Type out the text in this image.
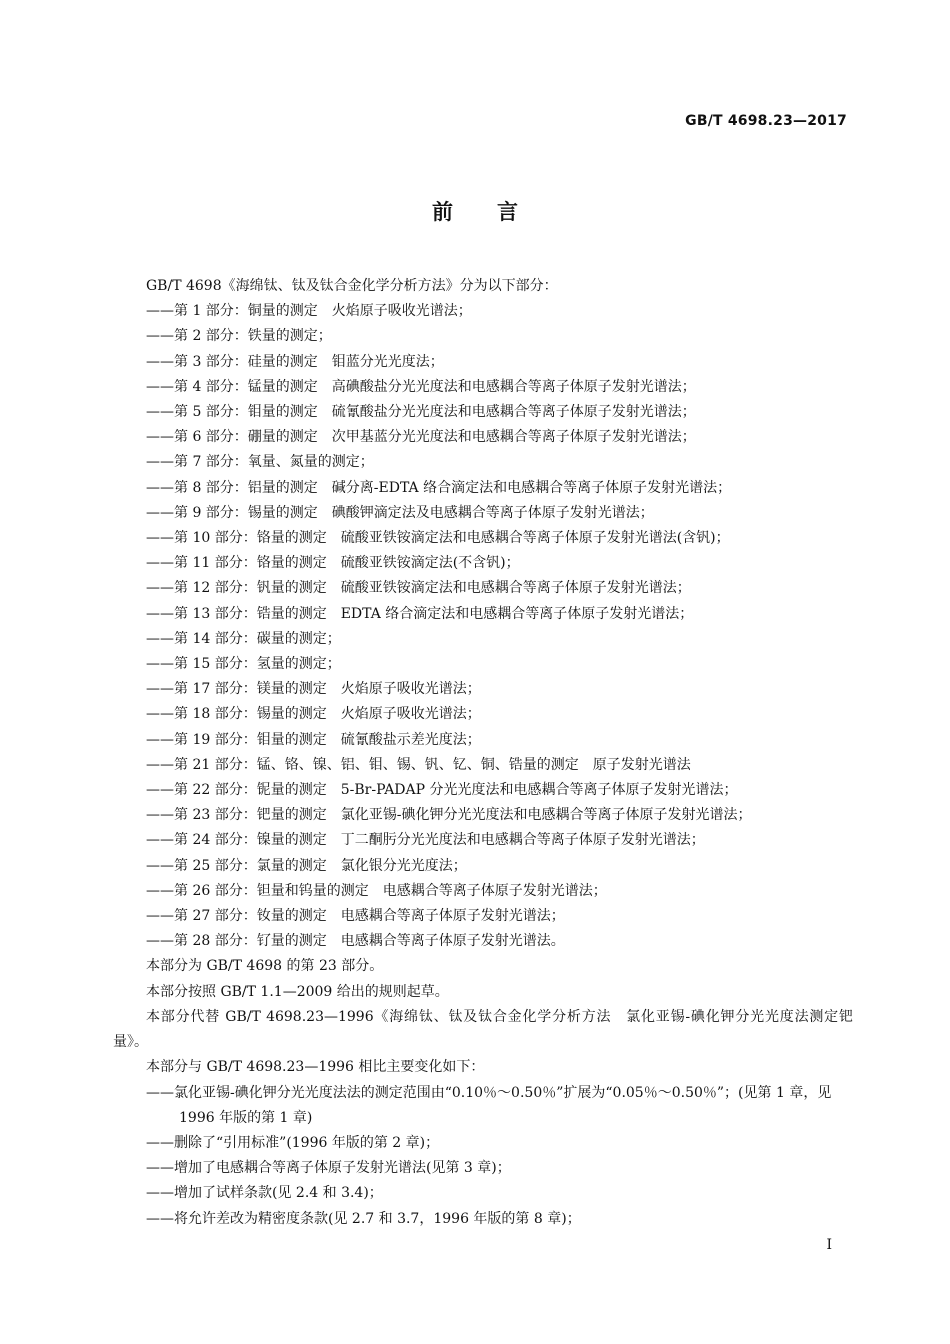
GB/T 4698.23—2017
前言

GB/T 4698《海绵钛、钛及钛合金化学分析方法》分为以下部分：

——第 1 部分：铜量的测定　火焰原子吸收光谱法；

——第 2 部分：铁量的测定；

——第 3 部分：硅量的测定　钼蓝分光光度法；

——第 4 部分：锰量的测定　高碘酸盐分光光度法和电感耦合等离子体原子发射光谱法；

——第 5 部分：钼量的测定　硫氰酸盐分光光度法和电感耦合等离子体原子发射光谱法；

——第 6 部分：硼量的测定　次甲基蓝分光光度法和电感耦合等离子体原子发射光谱法；

——第 7 部分：氧量、氮量的测定；

——第 8 部分：铝量的测定　碱分离-EDTA 络合滴定法和电感耦合等离子体原子发射光谱法；

——第 9 部分：锡量的测定　碘酸钾滴定法及电感耦合等离子体原子发射光谱法；

——第 10 部分：铬量的测定　硫酸亚铁铵滴定法和电感耦合等离子体原子发射光谱法(含钒)；

——第 11 部分：铬量的测定　硫酸亚铁铵滴定法(不含钒)；

——第 12 部分：钒量的测定　硫酸亚铁铵滴定法和电感耦合等离子体原子发射光谱法；

——第 13 部分：锆量的测定　EDTA 络合滴定法和电感耦合等离子体原子发射光谱法；

——第 14 部分：碳量的测定；

——第 15 部分：氢量的测定；

——第 17 部分：镁量的测定　火焰原子吸收光谱法；

——第 18 部分：锡量的测定　火焰原子吸收光谱法；

——第 19 部分：钼量的测定　硫氰酸盐示差光度法；

——第 21 部分：锰、铬、镍、铝、钼、锡、钒、钇、铜、锆量的测定　原子发射光谱法

——第 22 部分：铌量的测定　5-Br-PADAP 分光光度法和电感耦合等离子体原子发射光谱法；

——第 23 部分：钯量的测定　氯化亚锡-碘化钾分光光度法和电感耦合等离子体原子发射光谱法；

——第 24 部分：镍量的测定　丁二酮肟分光光度法和电感耦合等离子体原子发射光谱法；

——第 25 部分：氯量的测定　氯化银分光光度法；

——第 26 部分：钽量和钨量的测定　电感耦合等离子体原子发射光谱法；

——第 27 部分：钕量的测定　电感耦合等离子体原子发射光谱法；

——第 28 部分：钌量的测定　电感耦合等离子体原子发射光谱法。

本部分为 GB/T 4698 的第 23 部分。

本部分按照 GB/T 1.1—2009 给出的规则起草。

本部分代替 GB/T 4698.23—1996《海绵钛、钛及钛合金化学分析方法　氯化亚锡-碘化钾分光光度法测定钯量》。

本部分与 GB/T 4698.23—1996 相比主要变化如下：

——氯化亚锡-碘化钾分光光度法法的测定范围由“0.10％～0.50％”扩展为“0.05％～0.50％”；(见第 1 章，见 1996 年版的第 1 章)

——删除了“引用标准”(1996 年版的第 2 章)；

——增加了电感耦合等离子体原子发射光谱法(见第 3 章)；

——增加了试样条款(见 2.4 和 3.4)；

——将允许差改为精密度条款(见 2.7 和 3.7，1996 年版的第 8 章)；

Ⅰ
